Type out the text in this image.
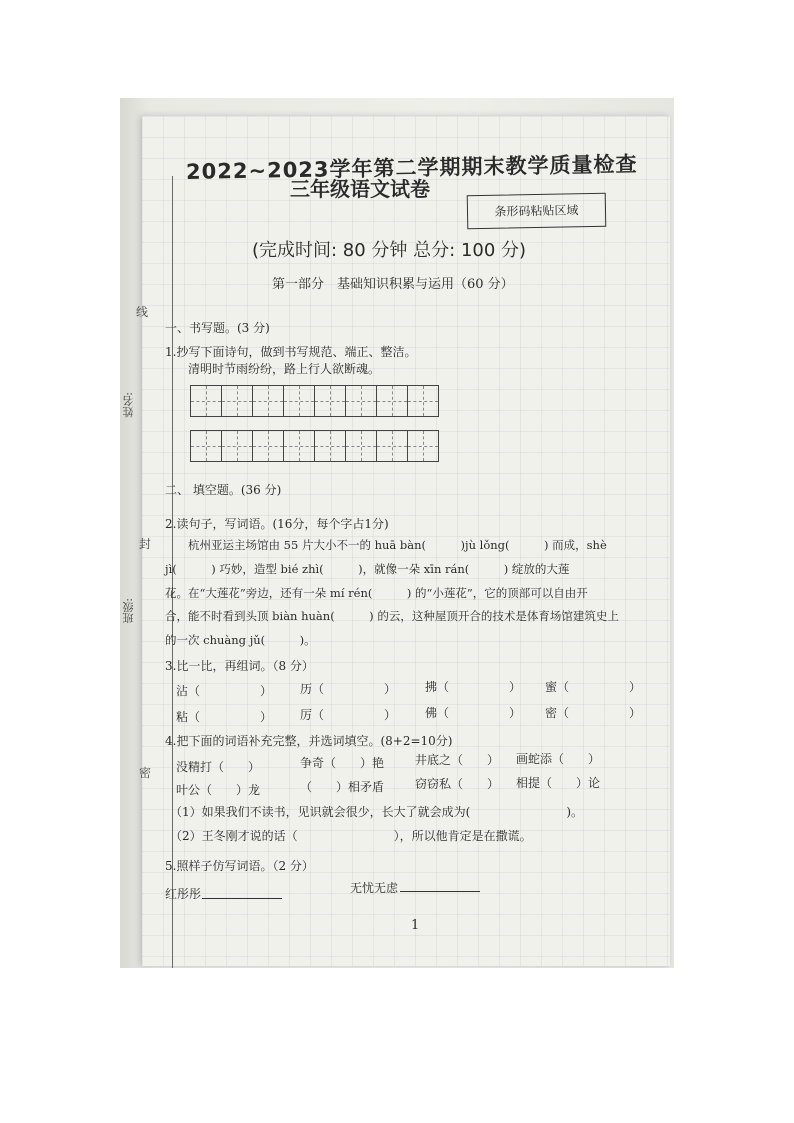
线
封
密
姓名:
班级:
2022~2023学年第二学期期末教学质量检查
三年级语文试卷
条形码粘贴区域
(完成时间: 80 分钟 总分: 100 分)
第一部分　基础知识积累与运用（60 分）
一、书写题。(3 分)
1.抄写下面诗句，做到书写规范、端正、整洁。
清明时节雨纷纷，路上行人欲断魂。
二、 填空题。(36 分)
2.读句子，写词语。(16分，每个字占1分)
杭州亚运主场馆由 55 片大小不一的 huā bàn(　　　)jù lǒng(　　　) 而成，shè
jì(　　　) 巧妙，造型 bié zhì(　　　)，就像一朵 xīn rán(　　　) 绽放的大莲
花。在“大莲花”旁边，还有一朵 mí rén(　　　) 的“小莲花”，它的顶部可以自由开
合，能不时看到头顶 biàn huàn(　　　) 的云，这种屋顶开合的技术是体育场馆建筑史上
的一次 chuàng jǔ(　　　)。
3.比一比，再组词。（8 分）
沾（　　　　　） 历（　　　　　） 拂（　　　　　） 蜜（　　　　　）
粘（　　　　　） 厉（　　　　　） 佛（　　　　　） 密（　　　　　）
4.把下面的词语补充完整，并选词填空。(8+2=10分)
没精打（　　）	争奇（　　）艳	井底之（　　） 画蛇添（　　）
叶公（　　）龙	（　　）相矛盾	窃窃私（　　） 相提（　　）论
（1）如果我们不读书，见识就会很少，长大了就会成为(　　　　　　　　)。
（2）王冬刚才说的话（　　　　　　　　），所以他肯定是在撒谎。
5.照样子仿写词语。（2 分）
红彤彤	无忧无虑
1
